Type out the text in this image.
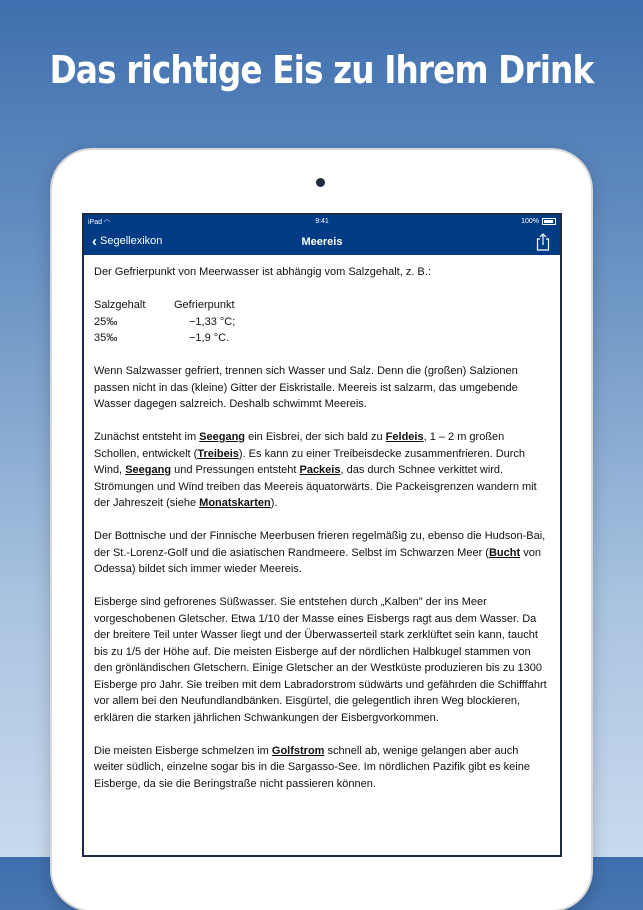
Das richtige Eis zu Ihrem Drink
iPad ◠	9:41	100%
‹ Segellexikon	Meereis

Der Gefrierpunkt von Meerwasser ist abhängig vom Salzgehalt, z. B.:

Salzgehalt	Gefrierpunkt
25‰	−1,33 °C;
35‰	−1,9 °C.

Wenn Salzwasser gefriert, trennen sich Wasser und Salz. Denn die (großen) Salzionen passen nicht in das (kleine) Gitter der Eiskristalle. Meereis ist salzarm, das umgebende Wasser dagegen salzreich. Deshalb schwimmt Meereis.

Zunächst entsteht im Seegang ein Eisbrei, der sich bald zu Feldeis, 1 – 2 m großen Schollen, entwickelt (Treibeis). Es kann zu einer Treibeisdecke zusammenfrieren. Durch Wind, Seegang und Pressungen entsteht Packeis, das durch Schnee verkittet wird. Strömungen und Wind treiben das Meereis äquatorwärts. Die Packeisgrenzen wandern mit der Jahreszeit (siehe Monatskarten).

Der Bottnische und der Finnische Meerbusen frieren regelmäßig zu, ebenso die Hudson-Bai, der St.-Lorenz-Golf und die asiatischen Randmeere. Selbst im Schwarzen Meer (Bucht von Odessa) bildet sich immer wieder Meereis.

Eisberge sind gefrorenes Süßwasser. Sie entstehen durch „Kalben" der ins Meer vorgeschobenen Gletscher. Etwa 1/10 der Masse eines Eisbergs ragt aus dem Wasser. Da der breitere Teil unter Wasser liegt und der Überwasserteil stark zerklüftet sein kann, taucht bis zu 1/5 der Höhe auf. Die meisten Eisberge auf der nördlichen Halbkugel stammen von den grönländischen Gletschern. Einige Gletscher an der Westküste produzieren bis zu 1300 Eisberge pro Jahr. Sie treiben mit dem Labradorstrom südwärts und gefährden die Schifffahrt vor allem bei den Neufundlandbänken. Eisgürtel, die gelegentlich ihren Weg blockieren, erklären die starken jährlichen Schwankungen der Eisbergvorkommen.

Die meisten Eisberge schmelzen im Golfstrom schnell ab, wenige gelangen aber auch weiter südlich, einzelne sogar bis in die Sargasso-See. Im nördlichen Pazifik gibt es keine Eisberge, da sie die Beringstraße nicht passieren können.
